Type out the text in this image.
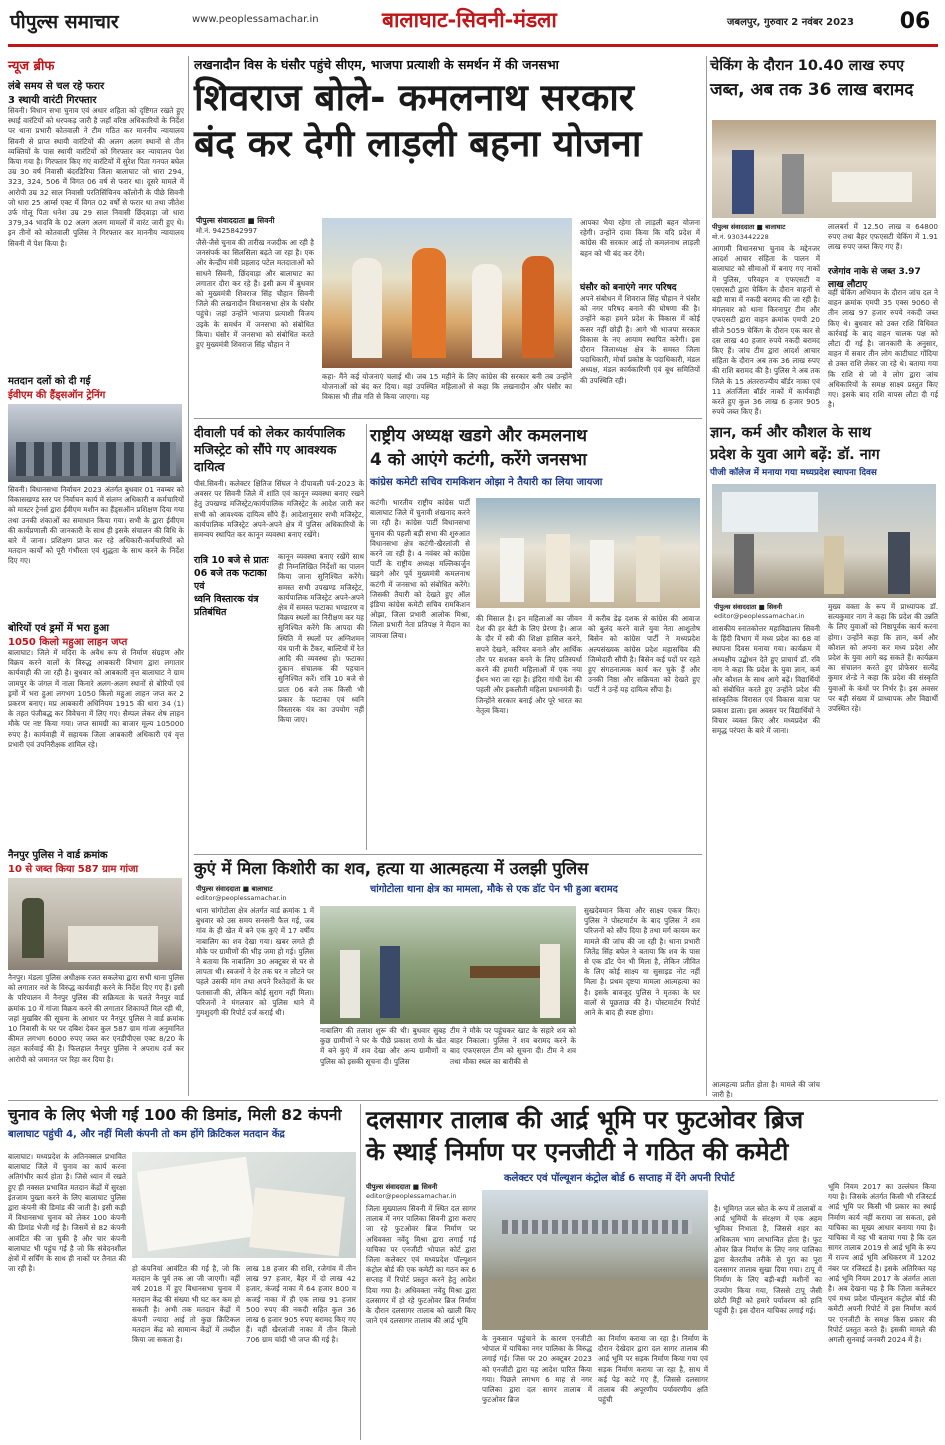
पीपुल्स समाचार	www.peoplessamachar.in	बालाघाट-सिवनी-मंडला	जबलपुर, गुरुवार 2 नवंबर 2023	06
न्यूज ब्रीफ
लंबे समय से चल रहे फरार
3 स्थायी वारंटी गिरफ्तार
सिवनी। विधान सभा चुनाव एवं अधार शहिता को दृष्टिगत रखते हुए स्थाई वारंटियों को धरपकड़ जारी है जहाँ वरिष्ठ अधिकारियों के निर्देश पर थाना प्रभारी कोतवाली ने टीम गठित कर माननीय न्यायालय सिवनी से प्राप्त स्थायी वारंटियों की अलग अलग स्थानों से तीन व्यक्तियों के पास स्थायी वारंटियों को गिरफ्तार कर न्यायालय पेश किया गया है। गिरफ्तार किए गए वारंटियों में सुरेश पिता गनपत बघेल उम्र 30 वर्ष निवासी बंदरडिरिया जिला बालाघाट जो धारा 294, 323, 324, 506 में विगत 06 वर्ष से फरार था। दूसरे मामले में आरोपी उम्र 32 साल निवासी परतिसिंचिनय कॉलोनी के पीछे सिवनी जो धारा 25 आर्म्स एक्ट में विगत 02 वर्षों से फरार था तथा जीतेश उर्फ गोलू पिता धनेश उम्र 29 साल निवासी छिंदवाड़ा जो धारा 379,34 भादवि के 02 अलग अलग मामलों में वारंट जारी हुए थे। इन तीनों को कोतवाली पुलिस ने गिरफ्तार कर माननीय न्यायालय सिवनी में पेश किया है।
मतदान दलों को दी गई
ईवीएम की हैंड्सऑन ट्रेनिंग
सिवनी। विधानसभा निर्वाचन 2023 अंतर्गत बुधवार 01 नवम्बर को विकासखण्ड स्तर पर निर्वाचन कार्य में संलग्न अधिकारी व कर्मचारियों को मास्टर ट्रेनर्स द्वारा ईवीएम मशीन का हैंड्सऑन प्रशिक्षण दिया गया तथा उनकी शंकाओं का समाधान किया गया। सभी के द्वारा ईवीएम की कार्यप्रणाली की जानकारी के साथ ही इसके संचालन की विधि के बारे में जाना। प्रशिक्षण प्राप्त कर रहे अधिकारी-कर्मचारियों को मतदान कार्यों को पूरी गंभीरता एवं शुद्धता के साथ करने के निर्देश दिए गए।
बोरियों एवं ड्रमों में भरा हुआ
1050 किलो महुआ लाहन जप्त
बालाघाट। जिले में मदिरा के अवैध रूप से निर्माण संग्रहण और विक्रय करने वालों के विरुद्ध आबकारी विभाग द्वारा लगातार कार्यवाही की जा रही है। बुधवार को आबकारी वृत्त बालाघाट ने ग्राम जामपुर के जंगल में नाला किनारे अलग-अलग स्थानों से बोरियों एवं ड्रमों में भरा हुआ लगभग 1050 किलो महुआ लाहन जप्त कर 2 प्रकरण बनाए। मप्र आबकारी अधिनियम 1915 की धारा 34 (1) के तहत पंजीबद्ध कर विवेचना में लिए गए। सैम्पल लेकर शेष लाहन मौके पर नष्ट किया गया। जप्त सामग्री का बाजार मूल्य 105000 रुपए है। कार्यवाही में सहायक जिला आबकारी अधिकारी एवं वृत्त प्रभारी एवं उपनिरीक्षक शामिल रहे।
नैनपुर पुलिस ने वार्ड क्रमांक
10 से जब्त किया 587 ग्राम गांजा
नैनपुर। मंडला पुलिस अधीक्षक रजत सकलेचा द्वारा सभी थाना पुलिस को लगातार नशे के विरुद्ध कार्यवाही करने के निर्देश दिए गए हैं। इसी के परिपालन में नैनपुर पुलिस की सक्रियता के चलते नैनपुर वार्ड क्रमांक 10 में गांजा विक्रय करने की लगातार शिकायतें मिल रही थी, जहां मुखबिर की सूचना के आधार पर नैनपुर पुलिस ने वार्ड क्रमांक 10 निवासी के घर पर दबिश देकर कुल 587 ग्राम गांजा अनुमानित कीमत लगभग 6000 रुपए जब्त कर एनडीपीएस एक्ट 8/20 के तहत कार्रवाई की है। फिलहाल नैनपुर पुलिस ने अपराध दर्ज कर आरोपी को जमानत पर रिहा कर दिया है।
लखनादौन विस के घंसौर पहुंचे सीएम, भाजपा प्रत्याशी के समर्थन में की जनसभा
शिवराज बोले- कमलनाथ सरकार
बंद कर देगी लाड़ली बहना योजना
पीपुल्स संवाददाता ■ सिवनी
मो.नं. 9425842997
जैसे-जैसे चुनाव की तारीख नजदीक आ रही है जनसंपर्क का सिलसिला बढ़ते जा रहा है। एक ओर केन्द्रीय मंत्री प्रहलाद पटेल मतदाताओं को साधने सिवनी, छिंदवाड़ा और बालाघाट का लगातार दौरा कर रहे हैं। इसी क्रम में बुधवार को मुख्यमंत्री शिवराज सिंह चौहान सिवनी जिले की लखनादौन विधानसभा क्षेत्र के घंसौर पहुंचे। जहां उन्होंने भाजपा प्रत्याशी विजय उइके के समर्थन में जनसभा को संबोधित किया। घंसौर में जनसभा को संबोधित करते हुए मुख्यमंत्री शिवराज सिंह चौहान ने
कहा- मैंने कई योजनाएं चलाई थी। जब 15 महीने के लिए कांग्रेस की सरकार बनी तब उन्होंने योजनाओं को बंद कर दिया। वहां उपस्थित महिलाओं से कहा कि लखनादौन और घंसौर का विकास भी तीव्र गति से किया जाएगा। यह
आपका भैया रहेगा तो लाड़ली बहन योजना रहेगी। उन्होंने दावा किया कि यदि प्रदेश में कांग्रेस की सरकार आई तो कमलनाथ लाड़ली बहन को भी बंद कर देंगे।
घंसौर को बनाएंगे नगर परिषद
अपने संबोधन में शिवराज सिंह चौहान ने घंसौर को नगर परिषद बनाने की घोषणा की है। उन्होंने कहा हमने प्रदेश के विकास में कोई कसर नहीं छोड़ी है। आगे भी भाजपा सरकार विकास के नए आयाम स्थापित करेगी। इस दौरान जिलाध्यक्ष क्षेत्र के समस्त जिला पदाधिकारी, मोर्चा प्रकोष्ठ के पदाधिकारी, मंडल अध्यक्ष, मंडल कार्यकारिणी एवं बूथ समितियों की उपस्थिति रही।
चेकिंग के दौरान 10.40 लाख रुपए
जब्त, अब तक 36 लाख बरामद
पीपुल्स संवाददाता ■ बालाघाट
मो.नं. 9303442228
आगामी विधानसभा चुनाव के मद्देनजर आदर्श आचार संहिता के पालन में बालाघाट को सीमाओं में बनाए गए नाकों में पुलिस, परिवहन व एफएसटी व एसएसटी द्वारा चेकिंग के दौरान वाहनों से बड़ी मात्रा में नकदी बरामद की जा रही है। मंगलवार को थाना किरनापुर टीम और एफएसटी द्वारा वाहन क्रमांक एमपी 20 सीजे 5059 चेकिंग के दौरान एक कार से दस लाख 40 हजार रुपये नकदी बरामद किए हैं। जांच टीम द्वारा आदर्श आचार संहिता के दौरान अब तक 36 लाख रुपए की राशि बरामद की है। पुलिस ने अब तक जिले के 15 अंतरराज्यीय बॉर्डर नाका एवं 11 अंतर्जिला बॉर्डर नाकों में कार्यवाही करते हुए कुल 36 लाख 6 हजार 905 रुपये जब्त किए हैं।
लालबर्रा में 12.50 लाख व 64800 रुपए तथा बैहर एफएसटी चेकिंग में 1.91 लाख रुपए जब्त किए गए हैं।
रजेगांव नाके से जब्त 3.97 लाख लौटाए
वहीं चेकिंग अभियान के दौरान जांच दल ने वाहन क्रमांक एमपी 35 एक्स 9060 से तीन लाख 97 हजार रुपये नकदी जब्त किए थे। बुधवार को उक्त राशि विधिवत कार्रवाई के बाद वाहन चालक पक्ष को लौटा दी गई है। जानकारी के अनुसार, वाहन में सवार तीन लोग काटीघाट गोंदिया से उक्त राशि लेकर जा रहे थे। बताया गया कि राशि से जो वे लोग द्वारा जांच अधिकारियों के समक्ष साक्ष्य प्रस्तुत किए गए। इसके बाद राशि वापस लौटा दी गई है।
दीवाली पर्व को लेकर कार्यपालिक मजिस्ट्रेट को सौंपे गए आवश्यक दायित्व
पीसं.सिवनी। कलेक्टर क्षितिज सिंघल ने दीपावली पर्व-2023 के अवसर पर सिवनी जिले में शांति एवं कानून व्यवस्था बनाए रखने हेतु उपखण्ड मजिस्ट्रेट/कार्यपालिक मजिस्ट्रेट के आदेश जारी कर सभी को आवश्यक दायित्व सौंपे हैं। आदेशानुसार सभी मजिस्ट्रेट, कार्यपालिक मजिस्ट्रेट अपने-अपने क्षेत्र में पुलिस अधिकारियों के समन्वय स्थापित कर कानून व्यवस्था बनाए रखेंगे।
रात्रि 10 बजे से प्रातः 06 बजे तक फटाका एवं
ध्वनि विस्तारक यंत्र प्रतिबंधित
कानून व्यवस्था बनाए रखेंगे साथ ही निम्नलिखित निर्देशों का पालन किया जाना सुनिश्चित करेंगे। समस्त सभी उपखण्ड मजिस्ट्रेट, कार्यपालिक मजिस्ट्रेट अपने-अपने क्षेत्र में समस्त फटाका भण्डारण व विक्रय स्थलों का निरीक्षण कर यह सुनिश्चित करेंगे कि आपदा की स्थिति में स्थलों पर अग्निशमन यंत्र पानी के टैंकर, बाल्टियों में रेत आदि की व्यवस्था हो। फटाका दुकान संचालक की पहचान सुनिश्चित करें। रात्रि 10 बजे से प्रातः 06 बजे तक किसी भी प्रकार के फटाका एवं ध्वनि विस्तारक यंत्र का उपयोग नहीं किया जाए।
राष्ट्रीय अध्यक्ष खडगे और कमलनाथ
4 को आएंगे कटंगी, करेंगे जनसभा
कांग्रेस कमेटी सचिव रामकिशन ओझा ने तैयारी का लिया जायजा
कटंगी। भारतीय राष्ट्रीय कांग्रेस पार्टी बालाघाट जिले में चुनावी शंखनाद करने जा रही है। कांग्रेस पार्टी विधानसभा चुनाव की पहली बड़ी सभा की शुरुआत विधानसभा क्षेत्र कटंगी-खैरलांजी से करने जा रही है। 4 नवंबर को कांग्रेस पार्टी के राष्ट्रीय अध्यक्ष मल्लिकार्जुन खड़गे और पूर्व मुख्यमंत्री कमलनाथ कटंगी में जनसभा को संबोधित करेंगे। जिसकी तैयारी को देखते हुए ऑल इंडिया कांग्रेस कमेटी सचिव रामकिशन ओझा, जिला प्रभारी आलोक मिश्रा, जिला प्रभारी नेता प्रतिपक्ष ने मैदान का जायजा लिया।
की मिसाल है। इन महिलाओं का जीवन देश की हर बेटी के लिए प्रेरणा है। आज के दौर में स्त्री की शिक्षा हासिल करने, सपने देखने, करियर बनाने और आर्थिक तौर पर सशक्त बनने के लिए प्रतिस्पर्धा करने की हमारी महिलाओं में एक नया ईंधन भरा जा रहा है। इंदिरा गांधी देश की पहली और इकलौती महिला प्रधानमंत्री हैं। जिन्होंने सरकार बनाई और पूरे भारत का नेतृत्व किया।
में करीब डेढ़ दशक से कांग्रेस की आवाज को बुलंद करने वाले युवा नेता आशुतोष बिसेन को कांग्रेस पार्टी ने मध्यप्रदेश अल्पसंख्यक कांग्रेस प्रदेश महासचिव की जिम्मेदारी सौंपी है। बिसेन कई पदों पर रहते हुए संगठनात्मक कार्य कर चुके हैं और उनकी निष्ठा और सक्रियता को देखते हुए पार्टी ने उन्हें यह दायित्व सौंपा है।
ज्ञान, कर्म और कौशल के साथ
प्रदेश के युवा आगे बढ़ें: डॉ. नाग
पीजी कॉलेज में मनाया गया मध्यप्रदेश स्थापना दिवस
पीपुल्स संवाददाता ■ सिवनी
editor@peoplessamachar.in
शासकीय स्नातकोत्तर महाविद्यालय सिवनी के हिंदी विभाग में मध्य प्रदेश का 68 वां स्थापना दिवस मनाया गया। कार्यक्रम में अध्यक्षीय उद्बोधन देते हुए प्राचार्य डॉ. रवि नाग ने कहा कि प्रदेश के युवा ज्ञान, कर्म और कौशल के साथ आगे बढ़ें। विद्यार्थियों को संबोधित करते हुए उन्होंने प्रदेश की सांस्कृतिक विरासत एवं विकास यात्रा पर प्रकाश डाला। इस अवसर पर विद्यार्थियों ने विचार व्यक्त किए और मध्यप्रदेश की समृद्ध परंपरा के बारे में जाना।
मुख्य वक्ता के रूप में प्राध्यापक डॉ. सत्यकुमार नाग ने कहा कि प्रदेश की उन्नति के लिए युवाओं को निष्ठापूर्वक कार्य करना होगा। उन्होंने कहा कि ज्ञान, कर्म और कौशल को अपना कर मध्य प्रदेश और प्रदेश के युवा आगे बढ़ सकते हैं। कार्यक्रम का संचालन करते हुए प्रोफेसर सत्येंद्र कुमार शेन्डे ने कहा कि प्रदेश की संस्कृति युवाओं के कंधों पर निर्भर है। इस अवसर पर बड़ी संख्या में प्राध्यापक और विद्यार्थी उपस्थित रहे।
कुएं में मिला किशोरी का शव, हत्या या आत्महत्या में उलझी पुलिस
चांगोटोला थाना क्षेत्र का मामला, मौके से एक डॉट पेन भी हुआ बरामद
पीपुल्स संवाददाता ■ बालाघाट
editor@peoplessamachar.in
थाना चांगोटोला क्षेत्र अंतर्गत वार्ड क्रमांक 1 में बुधवार को उस समय सनसनी फैल गई, जब गांव के ही खेत में बने एक कुएं में 17 वर्षीय नाबालिग का शव देखा गया। खबर लगते ही मौके पर ग्रामीणों की भीड़ जमा हो गई। पुलिस ने बताया कि नाबालिग 30 अक्टूबर से घर से लापता थी। स्वजनों ने देर तक घर न लौटने पर पहले उसकी मांग तथा अपने रिश्तेदारों के घर पतासाजी की, लेकिन कोई सुराग नहीं मिला। परिजनों ने मंगलवार को पुलिस थाने में गुमशुदगी की रिपोर्ट दर्ज कराई थी।
नाबालिग की तलाश शुरू की थी। बुधवार सुबह कुछ ग्रामीणों ने घर के पीछे प्रकाश राणो के खेत में बने कुएं में शव देखा और अन्य ग्रामीणों व पुलिस को इसकी सूचना दी। पुलिस
टीम ने मौके पर पहुंचकर खाट के सहारे शव को बाहर निकाला। पुलिस ने शव बरामद करने के बाद एफएसएल टीम को सूचना दी। टीम ने शव तथा मौका स्थल का बारीकी से
सुखदेवमान किया और साक्ष्य एकत्र किए। पुलिस ने पोस्टमार्टम के बाद पुलिस ने शव परिजनों को सौंप दिया है तथा मर्ग कायम कर मामले की जांच की जा रही है। थाना प्रभारी जितेंद्र सिंह बघेल ने बताया कि शव के पास से एक डॉट पेन भी मिला है, लेकिन जीवित के लिए कोई साक्ष्य या सुसाइड नोट नहीं मिला है। प्रथम दृष्टया मामला आत्महत्या का है। इसके बावजूद पुलिस ने मृतका के घर वालों से पूछताछ की है। पोस्टमार्टम रिपोर्ट आने के बाद ही स्पष्ट होगा।
चुनाव के लिए भेजी गई 100 की डिमांड, मिली 82 कंपनी
बालाघाट पहुंची 4, और नहीं मिली कंपनी तो कम होंगे क्रिटिकल मतदान केंद्र
बालाघाट। मध्यप्रदेश के अतिनक्सल प्रभावित बालाघाट जिले में चुनाव का कार्य करना अतिगंभीर कार्य होता है। जिसे ध्यान में रखते हुए ही नक्सल प्रभावित मतदान केंद्रों में सुरक्षा इंतजाम पुख्ता करने के लिए बालाघाट पुलिस द्वारा कंपनी की डिमांड की जाती है। इसी कड़ी में विधानसभा चुनाव को लेकर 100 कंपनी की डिमांड भेजी गई है। जिसमें से 82 कंपनी आवंटित की जा चुकी है और चार कंपनी बालाघाट भी पहुंच गई है जो कि संवेदनशील क्षेत्रों में सर्चिंग के साथ ही नाकों पर तैनात की जा रही है।	हो कंपनियां आवंटित की गई है, जो कि मतदान के पूर्व तक आ जी जाएगी। वहीं वर्ष 2018 में हुए विधानसभा चुनाव में मतदान केंद्र की संख्या भी घट कर कम हो सकती है। अभी तक मतदान केंद्रों में कंपनी ज्यादा आई तो कुछ क्रिटिकल मतदान केंद्र को सामान्य केंद्रों में तब्दील किया जा सकता है।
लाख 18 हजार की राशि, रजेगांव में तीन लाख 97 हजार, बैहर में दो लाख 42 हजार, कंजई नाका में 64 हजार 800 व कजई नाका में ही एक लाख 91 हजार 500 रुपए की नकदी सहित कुल 36 लाख 6 हजार 905 रुपए बरामद किए गए हैं। वहीं खैरलांजी नाका में तीन किलो 706 ग्राम चांदी भी जप्त की गई है।
दलसागर तालाब की आर्द्र भूमि पर फुटओवर ब्रिज
के स्थाई निर्माण पर एनजीटी ने गठित की कमेटी
कलेक्टर एवं पॉल्यूशन कंट्रोल बोर्ड 6 सप्ताह में देंगे अपनी रिपोर्ट
पीपुल्स संवाददाता ■ सिवनी
editor@peoplessamachar.in
जिला मुख्यालय सिवनी में स्थित दल सागर तालाब में नगर पालिका सिवनी द्वारा कराए जा रहे फुटओवर ब्रिज निर्माण पर अधिवक्ता नवेंदु मिश्रा द्वारा लगाई गई याचिका पर एनजीटी भोपाल कोर्ट द्वारा जिला कलेक्टर एवं मध्यप्रदेश पॉल्यूशन कंट्रोल बोर्ड की एक कमेटी का गठन कर 6 सप्ताह में रिपोर्ट प्रस्तुत करने हेतु आदेश दिया गया है। अधिवक्ता नवेंदु मिश्रा द्वारा दलसागर में हो रहे फुटओवर ब्रिज निर्माण के दौरान दलसागर तालाब को खाली किए जाने एवं दलसागर तालाब की आर्द्र भूमि
के नुकसान पहुंचाने के कारण एनजीटी भोपाल में याचिका नगर पालिका के विरुद्ध लगाई गई। जिस पर 20 अक्टूबर 2023 को एनजीटी द्वारा यह आदेश पारित किया गया। पिछले लगभग 6 माह से नगर पालिका द्वारा दल सागर तालाब में फुटओवर ब्रिज
का निर्माण कराया जा रहा है। निर्माण के दौरान देखेदार द्वारा दल सागर तालाब की आर्द्र भूमि पर सड़क निर्माण किया गया एवं सड़क निर्माण कराया जा रहा है, साथ में कई पेड़ काटे गए हैं, जिससे दलसागर तालाब की अपूरणीय पर्यावरणीय क्षति पहुंची
है। भूमिगत जल स्रोत के रूप में तालाबों व आर्द्र भूमियों के संरक्षण में एक अहम भूमिका निभाता है, जिससे शहर का अधिकतम भाग लाभान्वित होता है। फुट ओवर ब्रिज निर्माण के लिए नगर पालिका द्वारा बेतरतीब तरीके से पूरा का पूरा दलसागर तालाब सुखा दिया गया। टापू में निर्माण के लिए बड़ी-बड़ी मशीनों का उपयोग किया गया, जिससे टापू जैसी छोटी मिट्टी को हमारे पर्यावरण को हानि पहुंची है। इस दौरान याचिका लगाई गई।
भूमि नियम 2017 का उल्लंघन किया गया है। जिसके अंतर्गत किसी भी रजिस्टर्ड आर्द्र भूमि पर किसी भी प्रकार का स्थाई निर्माण कार्य नहीं कराया जा सकता, इसे याचिका का मूख्य आधार बनाया गया है। याचिका में यह भी बताया गया है कि दल सागर तालाब 2019 से आर्द्र भूमि के रूप में राज्य आर्द्र भूमि अधिकरण में 1202 नंबर पर रजिस्टर्ड है। इसके अतिरिक्त यह आर्द्र भूमि नियम 2017 के अंतर्गत आता है। अब देखना यह है कि जिला कलेक्टर एवं मध्य प्रदेश पॉल्यूशन कंट्रोल बोर्ड की कमेटी अपनी रिपोर्ट में इस निर्माण कार्य पर एनजीटी के समक्ष किस प्रकार की रिपोर्ट प्रस्तुत करते हैं। इसकी मामले की अगली सुनवाई जनवरी 2024 में है।
आत्महत्या प्रतीत होता है। मामले की जांच जारी है।
